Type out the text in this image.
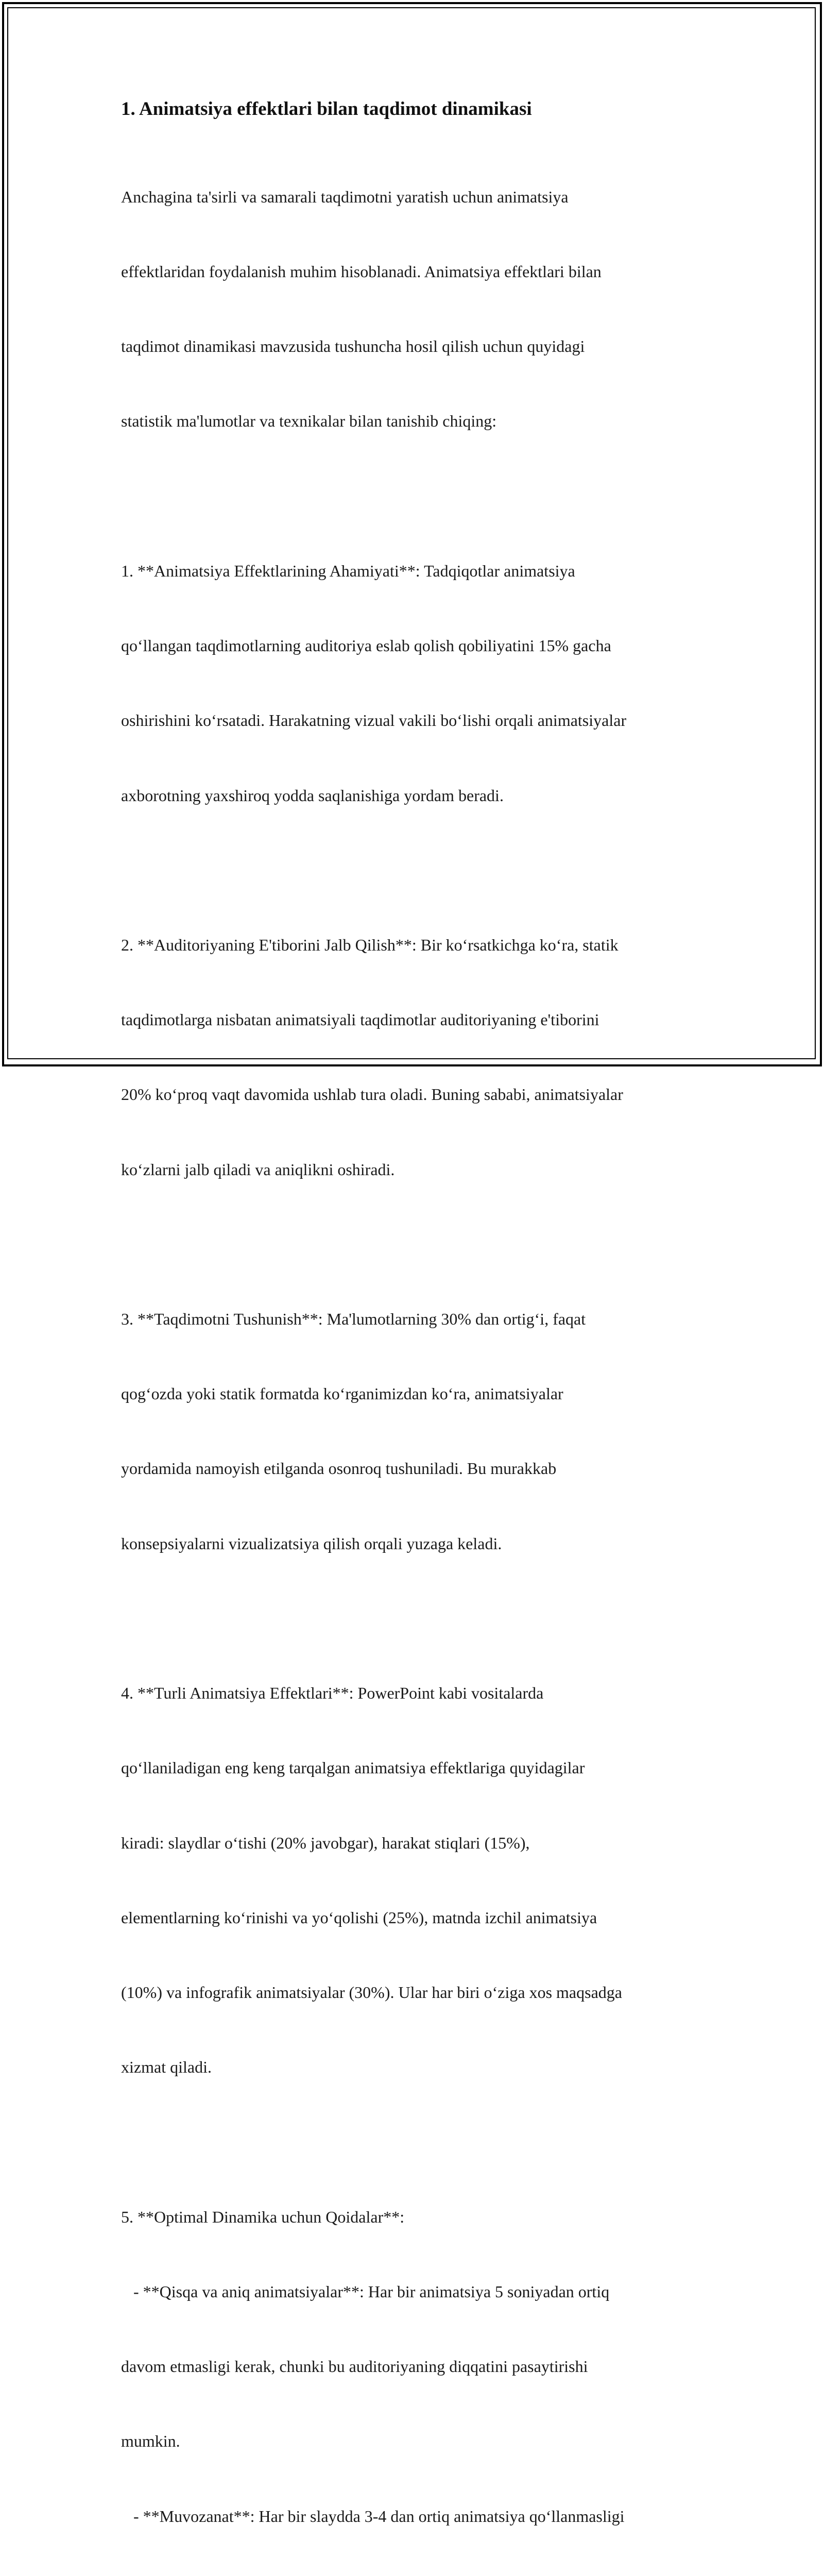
1. Animatsiya effektlari bilan taqdimot dinamikasi

Anchagina ta'sirli va samarali taqdimotni yaratish uchun animatsiya

effektlaridan foydalanish muhim hisoblanadi. Animatsiya effektlari bilan

taqdimot dinamikasi mavzusida tushuncha hosil qilish uchun quyidagi

statistik ma'lumotlar va texnikalar bilan tanishib chiqing:

1. **Animatsiya Effektlarining Ahamiyati**: Tadqiqotlar animatsiya

qo‘llangan taqdimotlarning auditoriya eslab qolish qobiliyatini 15% gacha

oshirishini ko‘rsatadi. Harakatning vizual vakili bo‘lishi orqali animatsiyalar

axborotning yaxshiroq yodda saqlanishiga yordam beradi.

2. **Auditoriyaning E'tiborini Jalb Qilish**: Bir ko‘rsatkichga ko‘ra, statik

taqdimotlarga nisbatan animatsiyali taqdimotlar auditoriyaning e'tiborini

20% ko‘proq vaqt davomida ushlab tura oladi. Buning sababi, animatsiyalar

ko‘zlarni jalb qiladi va aniqlikni oshiradi.

3. **Taqdimotni Tushunish**: Ma'lumotlarning 30% dan ortig‘i, faqat

qog‘ozda yoki statik formatda ko‘rganimizdan ko‘ra, animatsiyalar

yordamida namoyish etilganda osonroq tushuniladi. Bu murakkab

konsepsiyalarni vizualizatsiya qilish orqali yuzaga keladi.

4. **Turli Animatsiya Effektlari**: PowerPoint kabi vositalarda

qo‘llaniladigan eng keng tarqalgan animatsiya effektlariga quyidagilar

kiradi: slaydlar o‘tishi (20% javobgar), harakat stiqlari (15%),

elementlarning ko‘rinishi va yo‘qolishi (25%), matnda izchil animatsiya

(10%) va infografik animatsiyalar (30%). Ular har biri o‘ziga xos maqsadga

xizmat qiladi.

5. **Optimal Dinamika uchun Qoidalar**:

- **Qisqa va aniq animatsiyalar**: Har bir animatsiya 5 soniyadan ortiq

davom etmasligi kerak, chunki bu auditoriyaning diqqatini pasaytirishi

mumkin.

- **Muvozanat**: Har bir slaydda 3-4 dan ortiq animatsiya qo‘llanmasligi
